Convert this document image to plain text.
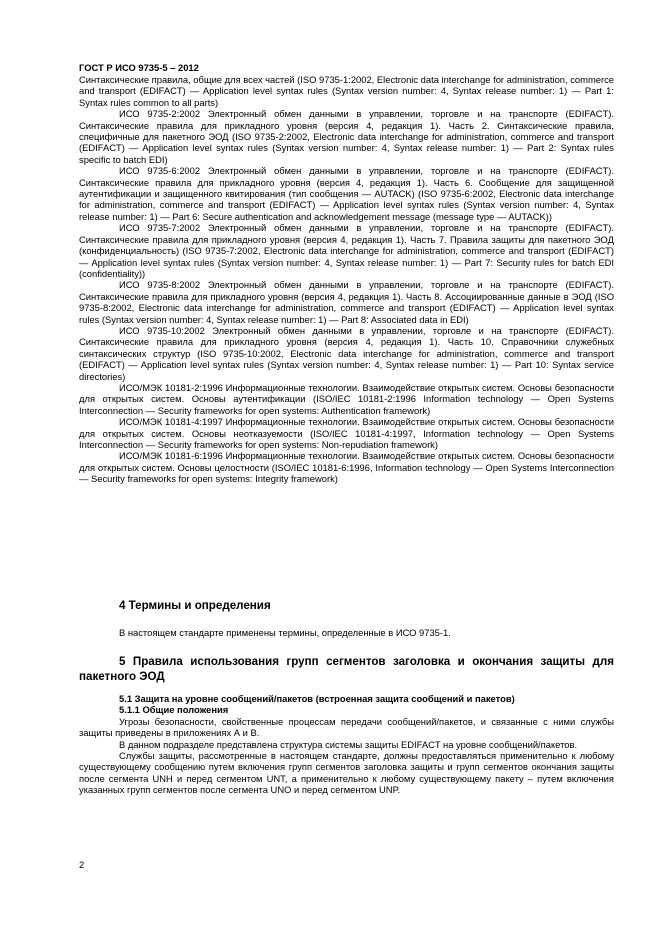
ГОСТ Р ИСО 9735-5 – 2012

Синтаксические правила, общие для всех частей (ISO 9735-1:2002, Electronic data interchange for administration, commerce and transport (EDIFACT) — Application level syntax rules (Syntax version number: 4, Syntax release number: 1) — Part 1: Syntax rules common to all parts)

ИСО 9735-2:2002 Электронный обмен данными в управлении, торговле и на транспорте (EDIFACT). Синтаксические правила для прикладного уровня (версия 4, редакция 1). Часть 2. Синтаксические правила, специфичные для пакетного ЭОД (ISO 9735-2:2002, Electronic data interchange for administration, commerce and transport (EDIFACT) — Application level syntax rules (Syntax version number: 4, Syntax release number: 1) — Part 2: Syntax rules specific to batch EDI)

ИСО 9735-6:2002 Электронный обмен данными в управлении, торговле и на транспорте (EDIFACT). Синтаксические правила для прикладного уровня (версия 4, редакция 1). Часть 6. Сообщение для защищенной аутентификации и защищенного квитирования (тип сообщения — AUTACK) (ISO 9735-6:2002, Electronic data interchange for administration, commerce and transport (EDIFACT) — Application level syntax rules (Syntax version number: 4, Syntax release number: 1) — Part 6: Secure authentication and acknowledgement message (message type — AUTACK))

ИСО 9735-7:2002 Электронный обмен данными в управлении, торговле и на транспорте (EDIFACT). Синтаксические правила для прикладного уровня (версия 4, редакция 1). Часть 7. Правила защиты для пакетного ЭОД (конфиденциальность) (ISO 9735-7:2002, Electronic data interchange for administration, commerce and transport (EDIFACT) — Application level syntax rules (Syntax version number: 4, Syntax release number: 1) — Part 7: Security rules for batch EDI (confidentiality))

ИСО 9735-8:2002 Электронный обмен данными в управлении, торговле и на транспорте (EDIFACT). Синтаксические правила для прикладного уровня (версия 4, редакция 1). Часть 8. Ассоциированные данные в ЭОД (ISO 9735-8:2002, Electronic data interchange for administration, commerce and transport (EDIFACT) — Application level syntax rules (Syntax version number: 4, Syntax release number: 1) — Part 8: Associated data in EDI)

ИСО 9735-10:2002 Электронный обмен данными в управлении, торговле и на транспорте (EDIFACT). Синтаксические правила для прикладного уровня (версия 4, редакция 1). Часть 10. Справочники служебных синтаксических структур (ISO 9735-10:2002, Electronic data interchange for administration, commerce and transport (EDIFACT) — Application level syntax rules (Syntax version number: 4, Syntax release number: 1) — Part 10: Syntax service directories)

ИСО/МЭК 10181-2:1996 Информационные технологии. Взаимодействие открытых систем. Основы безопасности для открытых систем. Основы аутентификации (ISO/IEC 10181-2:1996 Information technology — Open Systems Interconnection — Security frameworks for open systems: Authentication framework)

ИСО/МЭК 10181-4:1997 Информационные технологии. Взаимодействие открытых систем. Основы безопасности для открытых систем. Основы неотказуемости (ISO/IEC 10181-4:1997, Information technology — Open Systems Interconnection — Security frameworks for open systems: Non-repudiation framework)

ИСО/МЭК 10181-6:1996 Информационные технологии. Взаимодействие открытых систем. Основы безопасности для открытых систем. Основы целостности (ISO/IEC 10181-6:1996, Information technology — Open Systems Interconnection — Security frameworks for open systems: Integrity framework)

4 Термины и определения
В настоящем стандарте применены термины, определенные в ИСО 9735-1.
5 Правила использования групп сегментов заголовка и окончания защиты для пакетного ЭОД

5.1 Защита на уровне сообщений/пакетов (встроенная защита сообщений и пакетов)

5.1.1 Общие положения

Угрозы безопасности, свойственные процессам передачи сообщений/пакетов, и связанные с ними службы защиты приведены в приложениях А и В.

В данном подразделе представлена структура системы защиты EDIFACT на уровне сообщений/пакетов.

Службы защиты, рассмотренные в настоящем стандарте, должны предоставляться применительно к любому существующему сообщению путем включения групп сегментов заголовка защиты и групп сегментов окончания защиты после сегмента UNH и перед сегментом UNT, а применительно к любому существующему пакету – путем включения указанных групп сегментов после сегмента UNO и перед сегментом UNP.

2
